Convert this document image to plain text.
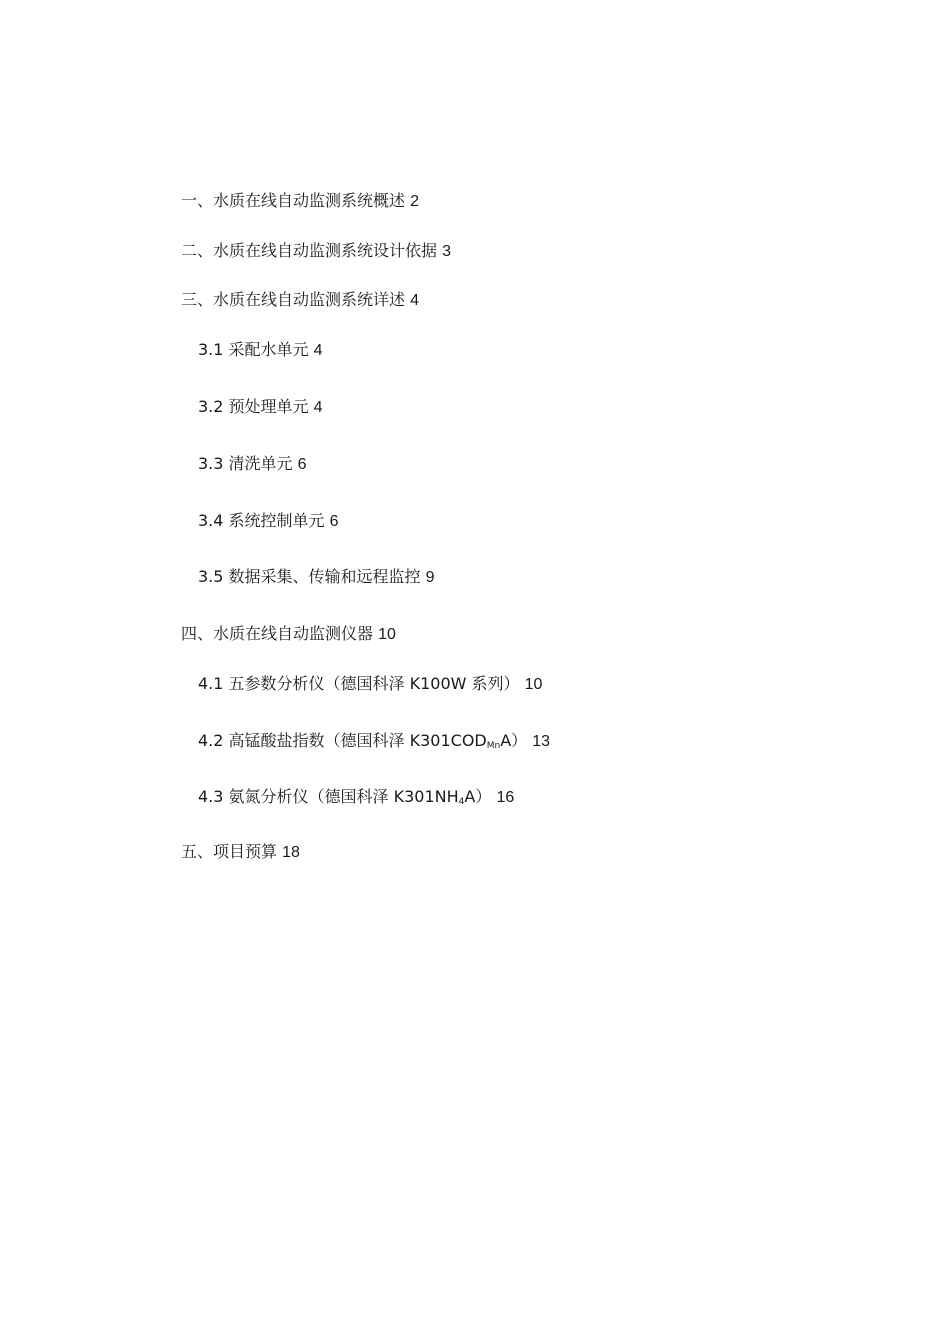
一、水质在线自动监测系统概述 2
二、水质在线自动监测系统设计依据 3
三、水质在线自动监测系统详述 4
3.1 采配水单元 4
3.2 预处理单元 4
3.3 清洗单元 6
3.4 系统控制单元 6
3.5 数据采集、传输和远程监控 9
四、水质在线自动监测仪器 10
4.1 五参数分析仪（德国科泽 K100W 系列） 10
4.2 高锰酸盐指数（德国科泽 $K301COD_{Mn}A$） 13
4.3 氨氮分析仪（德国科泽 $K301NH_4A$） 16
五、项目预算 18
